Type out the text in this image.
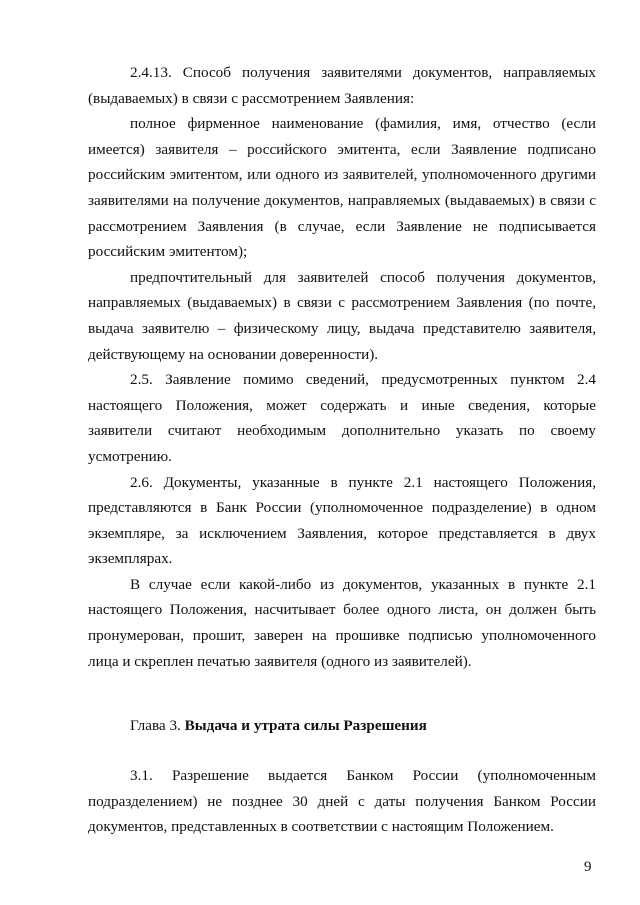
2.4.13. Способ получения заявителями документов, направляемых (выдаваемых) в связи с рассмотрением Заявления:

полное фирменное наименование (фамилия, имя, отчество (если имеется) заявителя – российского эмитента, если Заявление подписано российским эмитентом, или одного из заявителей, уполномоченного другими заявителями на получение документов, направляемых (выдаваемых) в связи с рассмотрением Заявления (в случае, если Заявление не подписывается российским эмитентом);

предпочтительный для заявителей способ получения документов, направляемых (выдаваемых) в связи с рассмотрением Заявления (по почте, выдача заявителю – физическому лицу, выдача представителю заявителя, действующему на основании доверенности).

2.5. Заявление помимо сведений, предусмотренных пунктом 2.4 настоящего Положения, может содержать и иные сведения, которые заявители считают необходимым дополнительно указать по своему усмотрению.

2.6. Документы, указанные в пункте 2.1 настоящего Положения, представляются в Банк России (уполномоченное подразделение) в одном экземпляре, за исключением Заявления, которое представляется в двух экземплярах.

В случае если какой-либо из документов, указанных в пункте 2.1 настоящего Положения, насчитывает более одного листа, он должен быть пронумерован, прошит, заверен на прошивке подписью уполномоченного лица и скреплен печатью заявителя (одного из заявителей).

Глава 3. Выдача и утрата силы Разрешения

3.1. Разрешение выдается Банком России (уполномоченным подразделением) не позднее 30 дней с даты получения Банком России документов, представленных в соответствии с настоящим Положением.

9
